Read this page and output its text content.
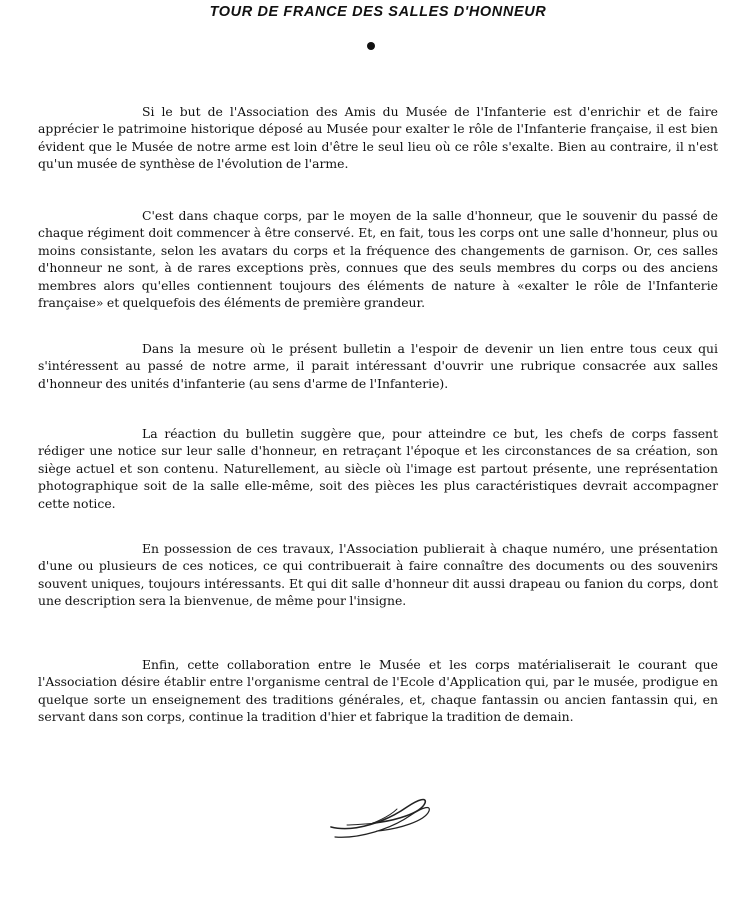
TOUR DE FRANCE DES SALLES D'HONNEUR

Si le but de l'Association des Amis du Musée de l'Infanterie est d'enrichir et de faire apprécier le patrimoine historique déposé au Musée pour exalter le rôle de l'Infanterie française, il est bien évident que le Musée de notre arme est loin d'être le seul lieu où ce rôle s'exalte. Bien au contraire, il n'est qu'un musée de synthèse de l'évolution de l'arme.

C'est dans chaque corps, par le moyen de la salle d'honneur, que le souvenir du passé de chaque régiment doit commencer à être conservé. Et, en fait, tous les corps ont une salle d'honneur, plus ou moins consistante, selon les avatars du corps et la fréquence des changements de garnison. Or, ces salles d'honneur ne sont, à de rares exceptions près, connues que des seuls membres du corps ou des anciens membres alors qu'elles contiennent toujours des éléments de nature à «exalter le rôle de l'Infanterie française» et quelquefois des éléments de première grandeur.

Dans la mesure où le présent bulletin a l'espoir de devenir un lien entre tous ceux qui s'intéressent au passé de notre arme, il parait intéressant d'ouvrir une rubrique consacrée aux salles d'honneur des unités d'infanterie (au sens d'arme de l'Infanterie).

La réaction du bulletin suggère que, pour atteindre ce but, les chefs de corps fassent rédiger une notice sur leur salle d'honneur, en retraçant l'époque et les circonstances de sa création, son siège actuel et son contenu. Naturellement, au siècle où l'image est partout présente, une représentation photographique soit de la salle elle-même, soit des pièces les plus caractéristiques devrait accompagner cette notice.

En possession de ces travaux, l'Association publierait à chaque numéro, une présentation d'une ou plusieurs de ces notices, ce qui contribuerait à faire connaître des documents ou des souvenirs souvent uniques, toujours intéressants. Et qui dit salle d'honneur dit aussi drapeau ou fanion du corps, dont une description sera la bienvenue, de même pour l'insigne.

Enfin, cette collaboration entre le Musée et les corps matérialiserait le courant que l'Association désire établir entre l'organisme central de l'Ecole d'Application qui, par le musée, prodigue en quelque sorte un enseignement des traditions générales, et, chaque fantassin ou ancien fantassin qui, en servant dans son corps, continue la tradition d'hier et fabrique la tradition de demain.
